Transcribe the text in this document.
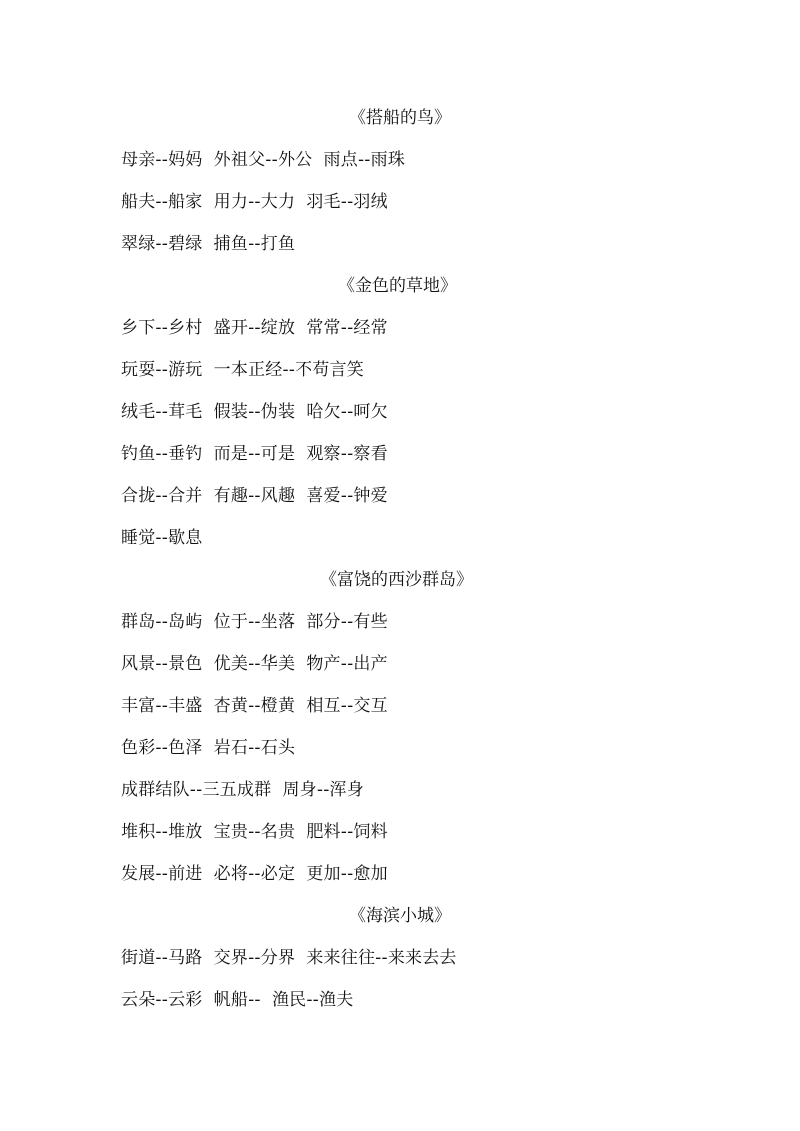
《搭船的鸟》
母亲--妈妈  外祖父--外公  雨点--雨珠
船夫--船家  用力--大力  羽毛--羽绒
翠绿--碧绿  捕鱼--打鱼
《金色的草地》
乡下--乡村  盛开--绽放  常常--经常
玩耍--游玩  一本正经--不苟言笑
绒毛--茸毛  假装--伪装  哈欠--呵欠
钓鱼--垂钓  而是--可是  观察--察看
合拢--合并  有趣--风趣  喜爱--钟爱
睡觉--歇息
《富饶的西沙群岛》
群岛--岛屿  位于--坐落  部分--有些
风景--景色  优美--华美  物产--出产
丰富--丰盛  杏黄--橙黄  相互--交互
色彩--色泽  岩石--石头
成群结队--三五成群  周身--浑身
堆积--堆放  宝贵--名贵  肥料--饲料
发展--前进  必将--必定  更加--愈加
《海滨小城》
街道--马路  交界--分界  来来往往--来来去去
云朵--云彩  帆船--  渔民--渔夫
